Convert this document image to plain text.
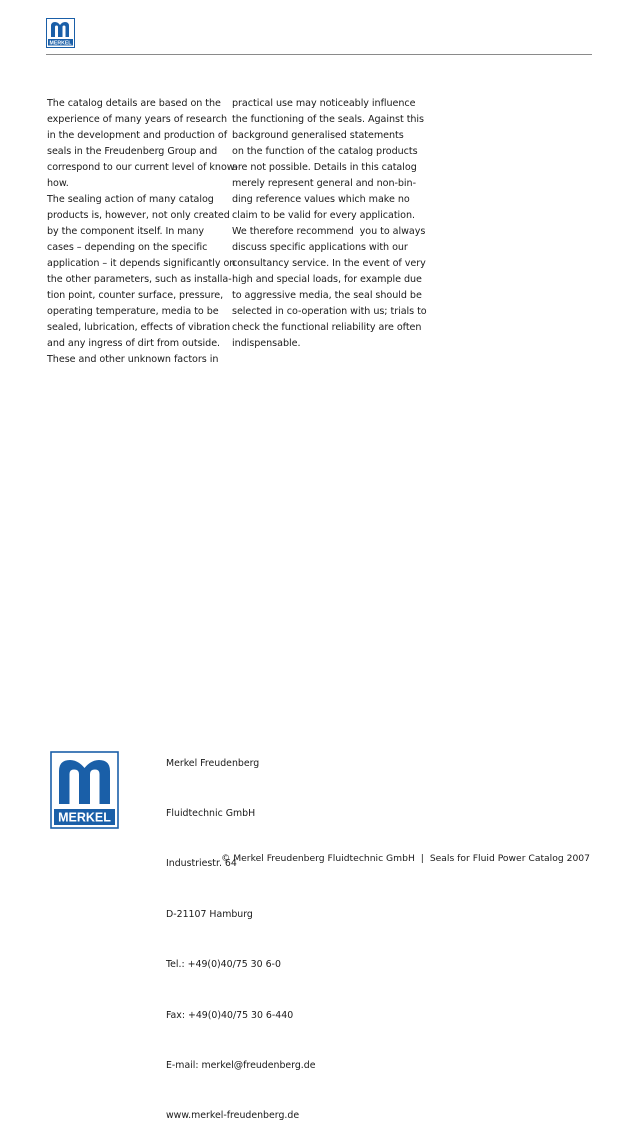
MERKEL
The catalog details are based on the
experience of many years of research
in the development and production of
seals in the Freudenberg Group and
correspond to our current level of know-
how.
The sealing action of many catalog
products is, however, not only created
by the component itself. In many
cases – depending on the specific
application – it depends significantly on
the other parameters, such as installa-
tion point, counter surface, pressure,
operating temperature, media to be
sealed, lubrication, effects of vibration
and any ingress of dirt from outside.
These and other unknown factors in
practical use may noticeably influence
the functioning of the seals. Against this
background generalised statements
on the function of the catalog products
are not possible. Details in this catalog
merely represent general and non-bin-
ding reference values which make no
claim to be valid for every application.
We therefore recommend  you to always
discuss specific applications with our
consultancy service. In the event of very
high and special loads, for example due
to aggressive media, the seal should be
selected in co-operation with us; trials to
check the functional reliability are often
indispensable.
MERKEL

Merkel Freudenberg

Fluidtechnic GmbH

Industriestr. 64

D-21107 Hamburg

Tel.: +49(0)40/75 30 6-0

Fax: +49(0)40/75 30 6-440

E-mail: merkel@freudenberg.de

www.merkel-freudenberg.de

© Merkel Freudenberg Fluidtechnic GmbH | Seals for Fluid Power Catalog 2007
